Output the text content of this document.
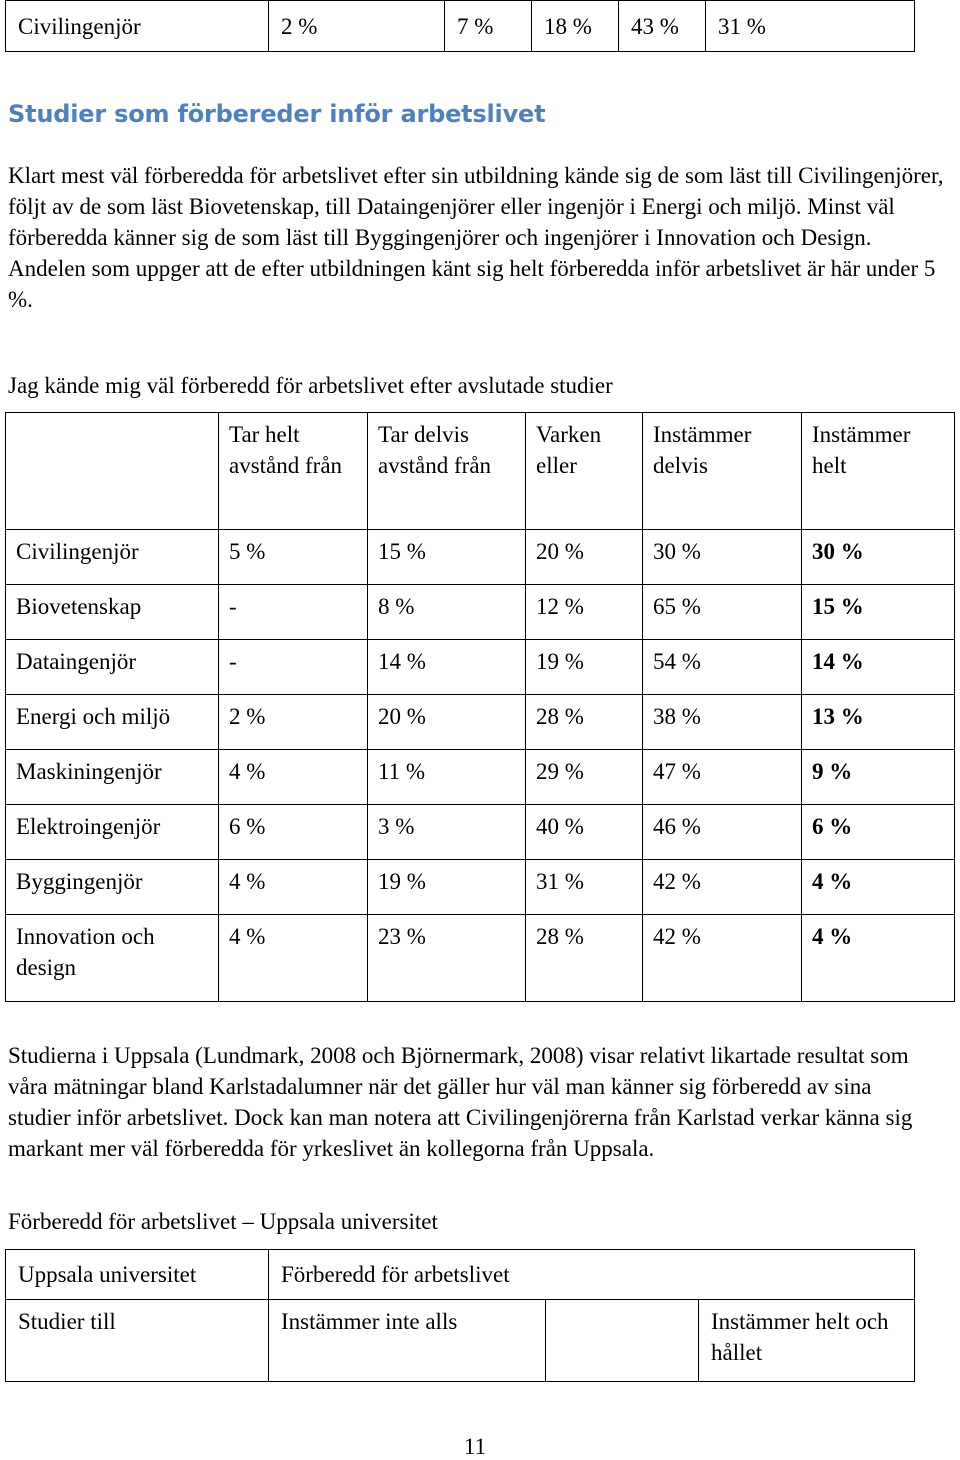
Civilingenjör	2 %	7 %	18 %	43 %	31 %
Studier som förbereder inför arbetslivet

Klart mest väl förberedda för arbetslivet efter sin utbildning kände sig de som läst till Civilingenjörer, följt av de som läst Biovetenskap, till Dataingenjörer eller ingenjör i Energi och miljö. Minst väl förberedda känner sig de som läst till Byggingenjörer och ingenjörer i Innovation och Design. Andelen som uppger att de efter utbildningen känt sig helt förberedda inför arbetslivet är här under 5 %.

Jag kände mig väl förberedd för arbetslivet efter avslutade studier

	Tar helt avstånd från	Tar delvis avstånd från	Varken eller	Instämmer delvis	Instämmer helt
Civilingenjör	5 %	15 %	20 %	30 %	30 %
Biovetenskap	-	8 %	12 %	65 %	15 %
Dataingenjör	-	14 %	19 %	54 %	14 %
Energi och miljö	2 %	20 %	28 %	38 %	13 %
Maskiningenjör	4 %	11 %	29 %	47 %	9 %
Elektroingenjör	6 %	3 %	40 %	46 %	6 %
Byggingenjör	4 %	19 %	31 %	42 %	4 %
Innovation och design	4 %	23 %	28 %	42 %	4 %

Studierna i Uppsala (Lundmark, 2008 och Björnermark, 2008) visar relativt likartade resultat som våra mätningar bland Karlstadalumner när det gäller hur väl man känner sig förberedd av sina studier inför arbetslivet. Dock kan man notera att Civilingenjörerna från Karlstad verkar känna sig markant mer väl förberedda för yrkeslivet än kollegorna från Uppsala.

Förberedd för arbetslivet – Uppsala universitet

Uppsala universitet	Förberedd för arbetslivet		
Studier till	Instämmer inte alls		Instämmer helt och hållet
11
